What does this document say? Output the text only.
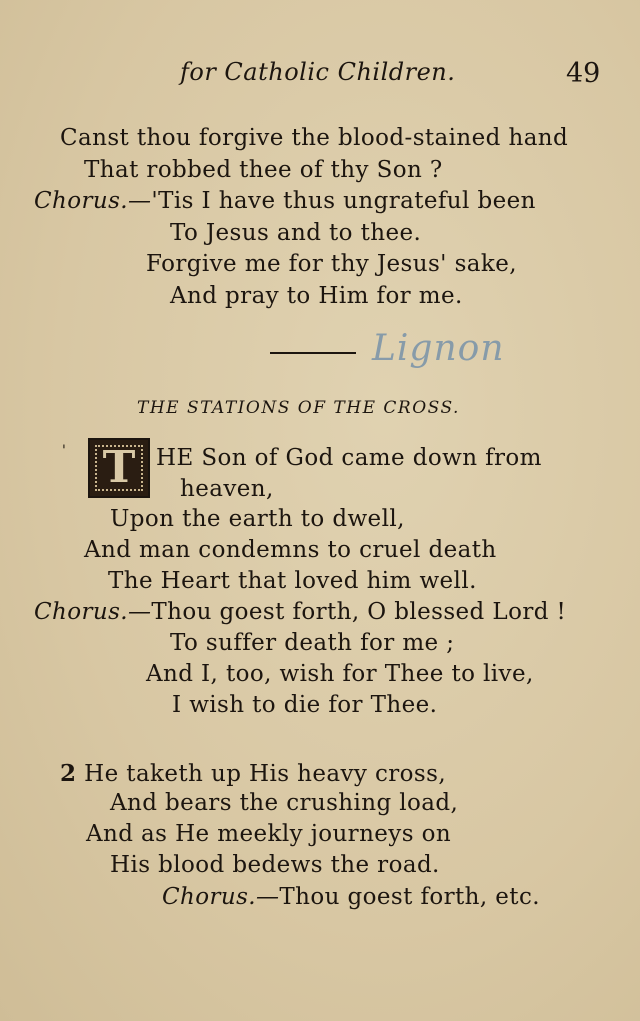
for Catholic Children.	49
Canst thou forgive the blood-stained hand
That robbed thee of thy Son ?
Chorus.—'Tis I have thus ungrateful been
To Jesus and to thee.
Forgive me for thy Jesus' sake,
And pray to Him for me.
Lignon
THE STATIONS OF THE CROSS.
' T HE Son of God came down from
heaven,
Upon the earth to dwell,
And man condemns to cruel death
The Heart that loved him well.
Chorus.—Thou goest forth, O blessed Lord !
To suffer death for me ;
And I, too, wish for Thee to live,
I wish to die for Thee.
2 He taketh up His heavy cross,
And bears the crushing load,
And as He meekly journeys on
His blood bedews the road.
Chorus.—Thou goest forth, etc.
